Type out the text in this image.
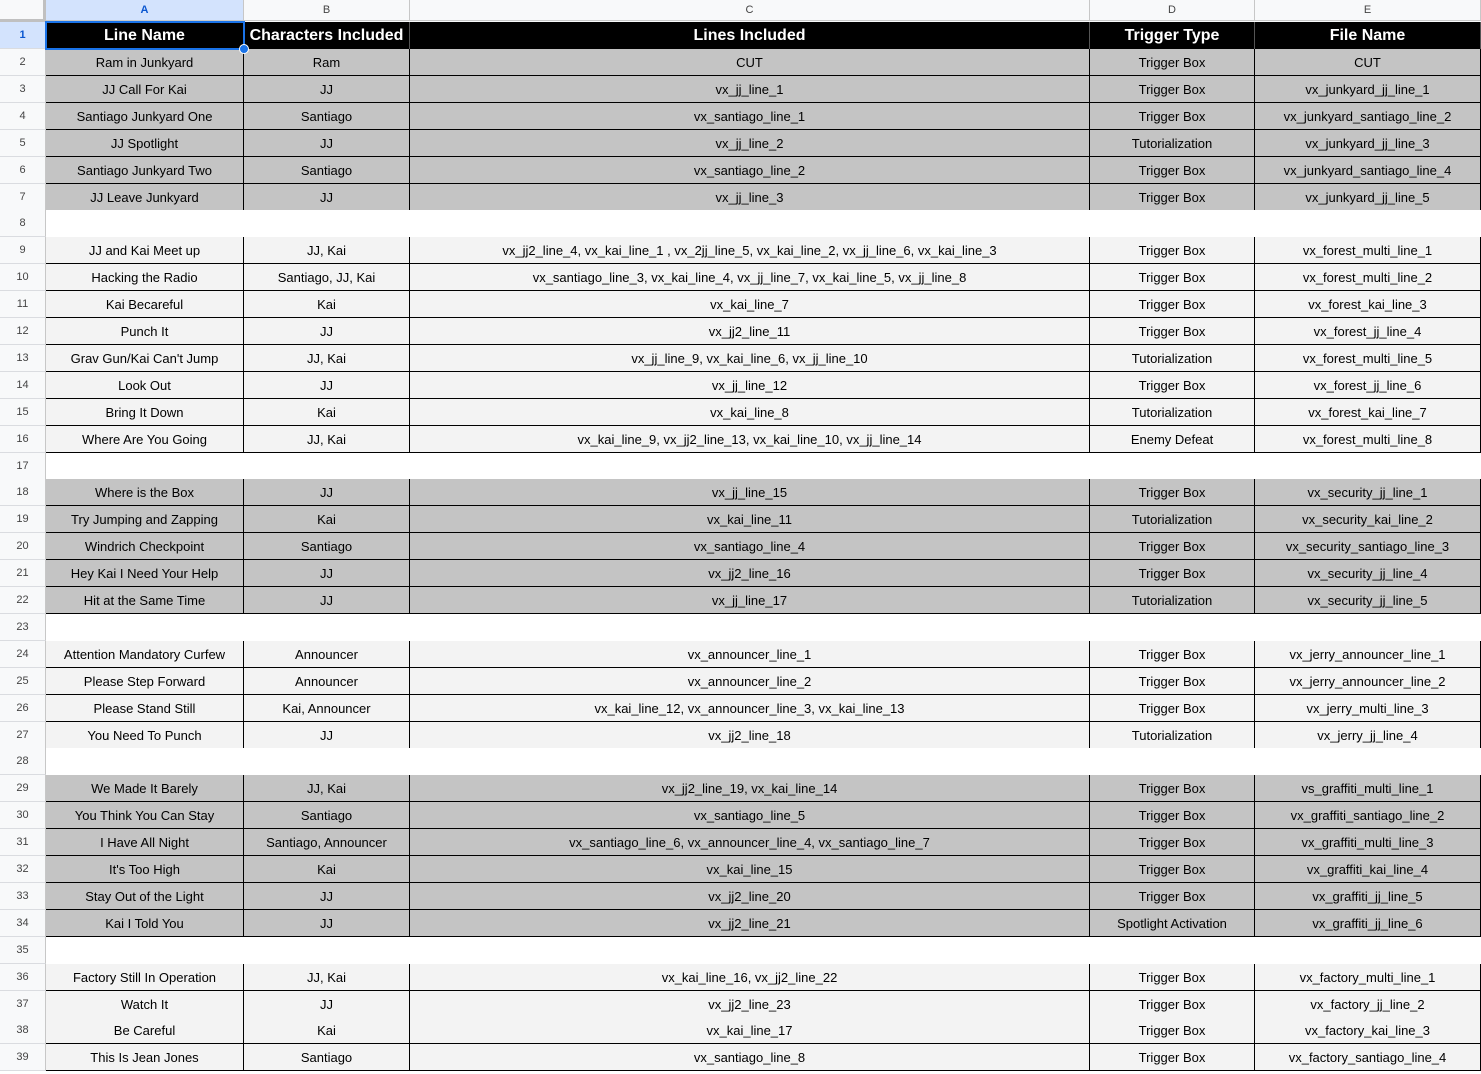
A	B	C	D	E
1	Line Name	Characters Included	Lines Included	Trigger Type	File Name
2	Ram in Junkyard	Ram	CUT	Trigger Box	CUT
3	JJ Call For Kai	JJ	vx_jj_line_1	Trigger Box	vx_junkyard_jj_line_1
4	Santiago Junkyard One	Santiago	vx_santiago_line_1	Trigger Box	vx_junkyard_santiago_line_2
5	JJ Spotlight	JJ	vx_jj_line_2	Tutorialization	vx_junkyard_jj_line_3
6	Santiago Junkyard Two	Santiago	vx_santiago_line_2	Trigger Box	vx_junkyard_santiago_line_4
7	JJ Leave Junkyard	JJ	vx_jj_line_3	Trigger Box	vx_junkyard_jj_line_5
8
9	JJ and Kai Meet up	JJ, Kai	vx_jj2_line_4, vx_kai_line_1 , vx_2jj_line_5, vx_kai_line_2, vx_jj_line_6, vx_kai_line_3	Trigger Box	vx_forest_multi_line_1
10	Hacking the Radio	Santiago, JJ, Kai	vx_santiago_line_3, vx_kai_line_4, vx_jj_line_7, vx_kai_line_5, vx_jj_line_8	Trigger Box	vx_forest_multi_line_2
11	Kai Becareful	Kai	vx_kai_line_7	Trigger Box	vx_forest_kai_line_3
12	Punch It	JJ	vx_jj2_line_11	Trigger Box	vx_forest_jj_line_4
13	Grav Gun/Kai Can't Jump	JJ, Kai	vx_jj_line_9, vx_kai_line_6, vx_jj_line_10	Tutorialization	vx_forest_multi_line_5
14	Look Out	JJ	vx_jj_line_12	Trigger Box	vx_forest_jj_line_6
15	Bring It Down	Kai	vx_kai_line_8	Tutorialization	vx_forest_kai_line_7
16	Where Are You Going	JJ, Kai	vx_kai_line_9, vx_jj2_line_13, vx_kai_line_10, vx_jj_line_14	Enemy Defeat	vx_forest_multi_line_8
17
18	Where is the Box	JJ	vx_jj_line_15	Trigger Box	vx_security_jj_line_1
19	Try Jumping and Zapping	Kai	vx_kai_line_11	Tutorialization	vx_security_kai_line_2
20	Windrich Checkpoint	Santiago	vx_santiago_line_4	Trigger Box	vx_security_santiago_line_3
21	Hey Kai I Need Your Help	JJ	vx_jj2_line_16	Trigger Box	vx_security_jj_line_4
22	Hit at the Same Time	JJ	vx_jj_line_17	Tutorialization	vx_security_jj_line_5
23
24	Attention Mandatory Curfew	Announcer	vx_announcer_line_1	Trigger Box	vx_jerry_announcer_line_1
25	Please Step Forward	Announcer	vx_announcer_line_2	Trigger Box	vx_jerry_announcer_line_2
26	Please Stand Still	Kai, Announcer	vx_kai_line_12, vx_announcer_line_3, vx_kai_line_13	Trigger Box	vx_jerry_multi_line_3
27	You Need To Punch	JJ	vx_jj2_line_18	Tutorialization	vx_jerry_jj_line_4
28
29	We Made It Barely	JJ, Kai	vx_jj2_line_19, vx_kai_line_14	Trigger Box	vs_graffiti_multi_line_1
30	You Think You Can Stay	Santiago	vx_santiago_line_5	Trigger Box	vx_graffiti_santiago_line_2
31	I Have All Night	Santiago, Announcer	vx_santiago_line_6, vx_announcer_line_4, vx_santiago_line_7	Trigger Box	vx_graffiti_multi_line_3
32	It's Too High	Kai	vx_kai_line_15	Trigger Box	vx_graffiti_kai_line_4
33	Stay Out of the Light	JJ	vx_jj2_line_20	Trigger Box	vx_graffiti_jj_line_5
34	Kai I Told You	JJ	vx_jj2_line_21	Spotlight Activation	vx_graffiti_jj_line_6
35
36	Factory Still In Operation	JJ, Kai	vx_kai_line_16, vx_jj2_line_22	Trigger Box	vx_factory_multi_line_1
37	Watch It	JJ	vx_jj2_line_23	Trigger Box	vx_factory_jj_line_2
38	Be Careful	Kai	vx_kai_line_17	Trigger Box	vx_factory_kai_line_3
39	This Is Jean Jones	Santiago	vx_santiago_line_8	Trigger Box	vx_factory_santiago_line_4
